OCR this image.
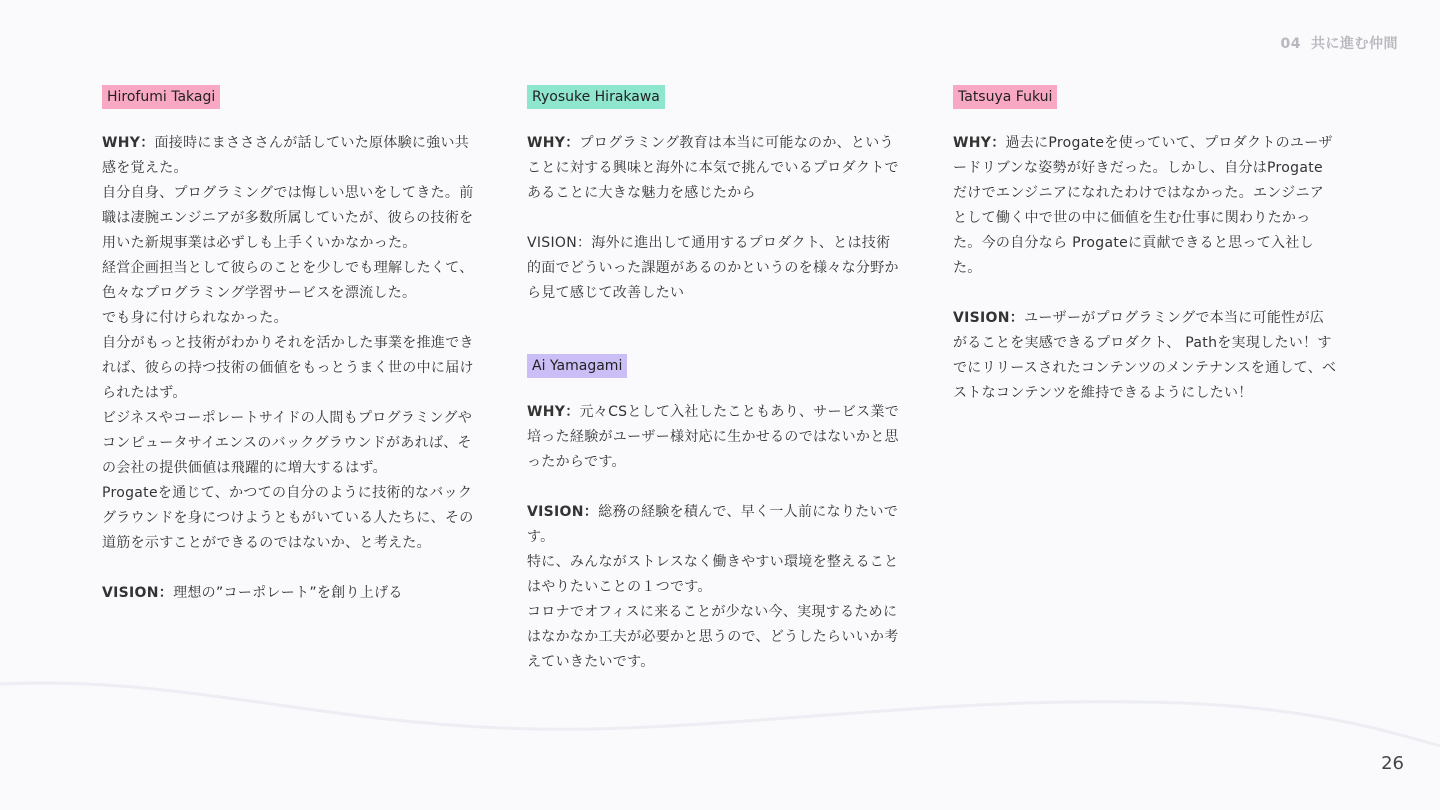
04 共に進む仲間
Hirofumi Takagi

WHY：面接時にまさささんが話していた原体験に強い共感を覚えた。

自分自身、プログラミングでは悔しい思いをしてきた。前職は凄腕エンジニアが多数所属していたが、彼らの技術を用いた新規事業は必ずしも上手くいかなかった。

経営企画担当として彼らのことを少しでも理解したくて、色々なプログラミング学習サービスを漂流した。

でも身に付けられなかった。

自分がもっと技術がわかりそれを活かした事業を推進できれば、彼らの持つ技術の価値をもっとうまく世の中に届けられたはず。

ビジネスやコーポレートサイドの人間もプログラミングやコンピュータサイエンスのバックグラウンドがあれば、その会社の提供価値は飛躍的に増大するはず。

Progateを通じて、かつての自分のように技術的なバックグラウンドを身につけようともがいている人たちに、その道筋を示すことができるのではないか、と考えた。

VISION：理想の”コーポレート”を創り上げる

Ryosuke Hirakawa

WHY：プログラミング教育は本当に可能なのか、ということに対する興味と海外に本気で挑んでいるプロダクトであることに大きな魅力を感じたから

VISION：海外に進出して通用するプロダクト、とは技術的面でどういった課題があるのかというのを様々な分野から見て感じて改善したい

Ai Yamagami

WHY：元々CSとして入社したこともあり、サービス業で培った経験がユーザー様対応に生かせるのではないかと思ったからです。

VISION：総務の経験を積んで、早く一人前になりたいです。

特に、みんながストレスなく働きやすい環境を整えることはやりたいことの１つです。

コロナでオフィスに来ることが少ない今、実現するためにはなかなか工夫が必要かと思うので、どうしたらいいか考えていきたいです。

Tatsuya Fukui

WHY：過去にProgateを使っていて、プロダクトのユーザードリブンな姿勢が好きだった。しかし、自分はProgateだけでエンジニアになれたわけではなかった。エンジニアとして働く中で世の中に価値を生む仕事に関わりたかった。今の自分なら Progateに貢献できると思って入社した。

VISION：ユーザーがプログラミングで本当に可能性が広がることを実感できるプロダクト、 Pathを実現したい！すでにリリースされたコンテンツのメンテナンスを通して、ベストなコンテンツを維持できるようにしたい！

26
